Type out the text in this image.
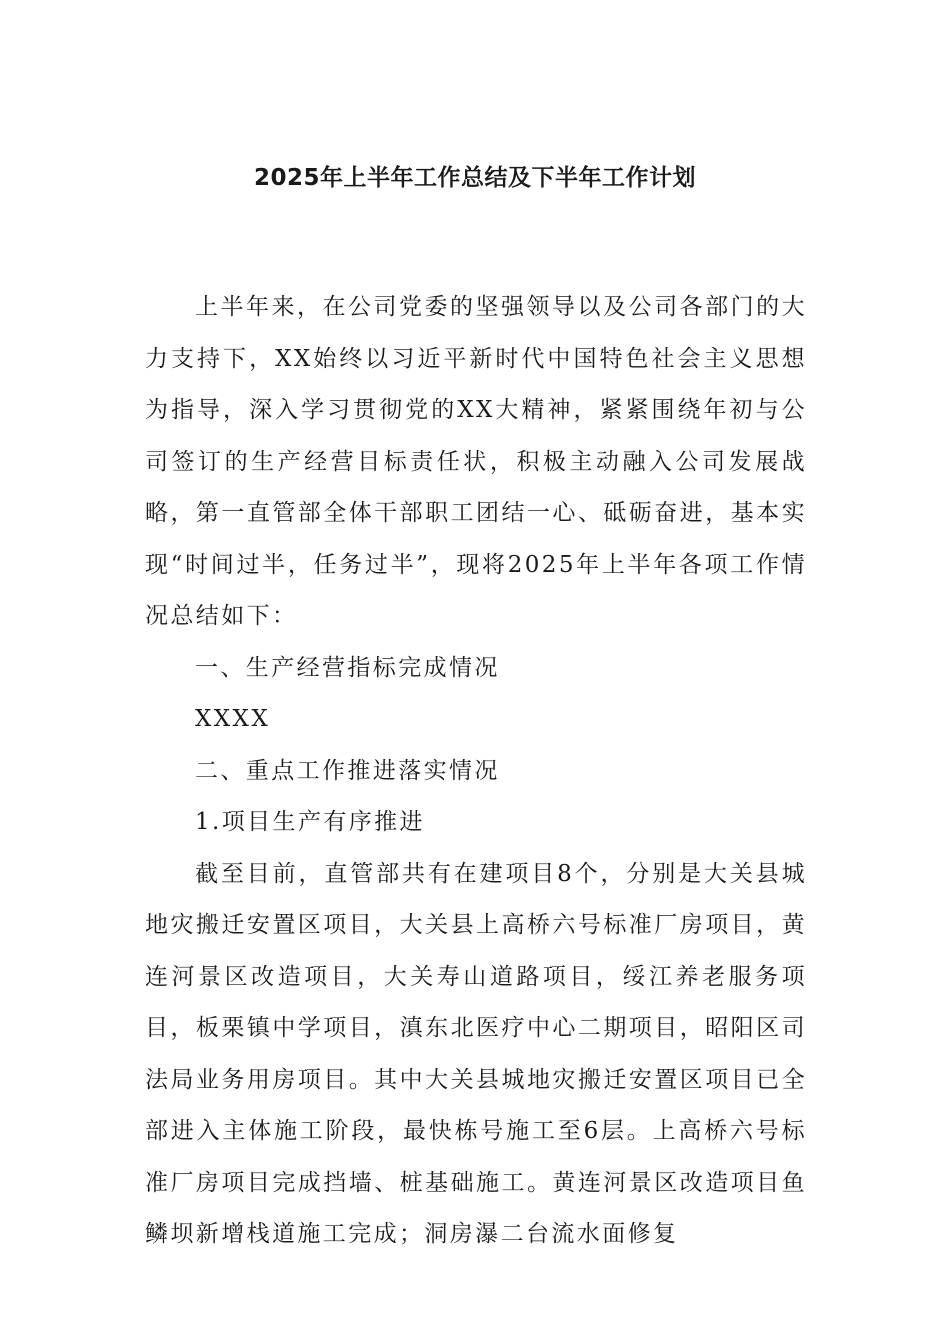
2025年上半年工作总结及下半年工作计划

上半年来，在公司党委的坚强领导以及公司各部门的大力支持下，XX始终以习近平新时代中国特色社会主义思想为指导，深入学习贯彻党的XX大精神，紧紧围绕年初与公司签订的生产经营目标责任状，积极主动融入公司发展战略，第一直管部全体干部职工团结一心、砥砺奋进，基本实现“时间过半，任务过半”，现将2025年上半年各项工作情况总结如下：

一、生产经营指标完成情况

XXXX

二、重点工作推进落实情况

1.项目生产有序推进

截至目前，直管部共有在建项目8个，分别是大关县城地灾搬迁安置区项目，大关县上高桥六号标准厂房项目，黄连河景区改造项目，大关寿山道路项目，绥江养老服务项目，板栗镇中学项目，滇东北医疗中心二期项目，昭阳区司法局业务用房项目。其中大关县城地灾搬迁安置区项目已全部进入主体施工阶段，最快栋号施工至6层。上高桥六号标准厂房项目完成挡墙、桩基础施工。黄连河景区改造项目鱼鳞坝新增栈道施工完成；洞房瀑二台流水面修复
